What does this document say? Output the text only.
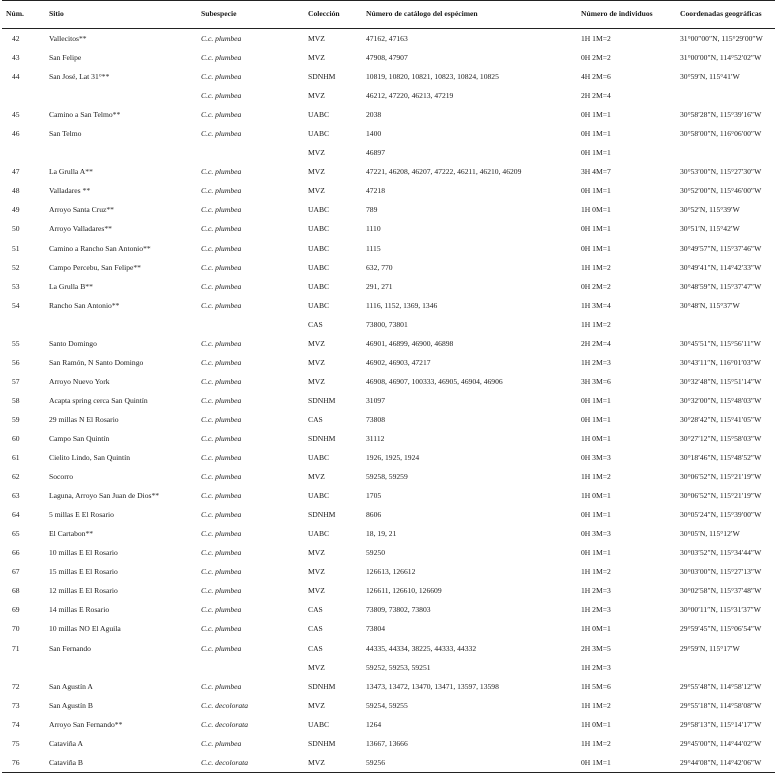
Núm.	Sitio	Subespecie	Colección	Número de catálogo del espécimen	Número de individuos	Coordenadas geográficas
42	Vallecitos**	C.c. plumbea	MVZ	47162, 47163	1H 1M=2	31°00″00″N, 115°29′00″W
43	San Felipe	C.c. plumbea	MVZ	47908, 47907	0H 2M=2	31°00′00″N, 114°52′02″W
44	San José, Lat 31°**	C.c. plumbea	SDNHM	10819, 10820, 10821, 10823, 10824, 10825	4H 2M=6	30°59′N, 115°41′W
		C.c. plumbea	MVZ	46212, 47220, 46213, 47219	2H 2M=4	
45	Camino a San Telmo**	C.c. plumbea	UABC	2038	0H 1M=1	30°58′28″N, 115°39′16″W
46	San Telmo	C.c. plumbea	UABC	1400	0H 1M=1	30°58′00″N, 116°06′00″W
			MVZ	46897	0H 1M=1	
47	La Grulla A**	C.c. plumbea	MVZ	47221, 46208, 46207, 47222, 46211, 46210, 46209	3H 4M=7	30°53′00″N, 115°27′30″W
48	Valladares **	C.c. plumbea	MVZ	47218	0H 1M=1	30°52′00″N, 115°46′00″W
49	Arroyo Santa Cruz**	C.c. plumbea	UABC	789	1H 0M=1	30°52′N, 115°39′W
50	Arroyo Valladares**	C.c. plumbea	UABC	1110	0H 1M=1	30°51′N, 115°42′W
51	Camino a Rancho San Antonio**	C.c. plumbea	UABC	1115	0H 1M=1	30°49′57″N, 115°37′46″W
52	Campo Percebu, San Felipe**	C.c. plumbea	UABC	632, 770	1H 1M=2	30°49′41″N, 114°42′33″W
53	La Grulla B**	C.c. plumbea	UABC	291, 271	0H 2M=2	30°48′59″N, 115°37′47″W
54	Rancho San Antonio**	C.c. plumbea	UABC	1116, 1152, 1369, 1346	1H 3M=4	30°48′N, 115°37′W
			CAS	73800, 73801	1H 1M=2	
55	Santo Domingo	C.c. plumbea	MVZ	46901, 46899, 46900, 46898	2H 2M=4	30°45′51″N, 115°56′11″W
56	San Ramón, N Santo Domingo	C.c. plumbea	MVZ	46902, 46903, 47217	1H 2M=3	30°43′11″N, 116°01′03″W
57	Arroyo Nuevo York	C.c. plumbea	MVZ	46908, 46907, 100333, 46905, 46904, 46906	3H 3M=6	30°32′48″N, 115°51′14″W
58	Acapta spring cerca San Quintín	C.c. plumbea	SDNHM	31097	0H 1M=1	30°32′00″N, 115°48′03″W
59	29 millas N El Rosario	C.c. plumbea	CAS	73808	0H 1M=1	30°28′42″N, 115°41′05″W
60	Campo San Quintín	C.c. plumbea	SDNHM	31112	1H 0M=1	30°27′12″N, 115°58′03″W
61	Cielito Lindo, San Quintín	C.c. plumbea	UABC	1926, 1925, 1924	0H 3M=3	30°18′46″N, 115°48′52″W
62	Socorro	C.c. plumbea	MVZ	59258, 59259	1H 1M=2	30°06′52″N, 115°21′19″W
63	Laguna, Arroyo San Juan de Dios**	C.c. plumbea	UABC	1705	1H 0M=1	30°06′52″N, 115°21′19″W
64	5 millas E El Rosario	C.c. plumbea	SDNHM	8606	0H 1M=1	30°05′24″N, 115°39′00″W
65	El Cartabon**	C.c. plumbea	UABC	18, 19, 21	0H 3M=3	30°05′N, 115°12′W
66	10 millas E El Rosario	C.c. plumbea	MVZ	59250	0H 1M=1	30°03′52″N, 115°34′44″W
67	15 millas E El Rosario	C.c. plumbea	MVZ	126613, 126612	1H 1M=2	30°03′00″N, 115°27′13″W
68	12 millas E El Rosario	C.c. plumbea	MVZ	126611, 126610, 126609	1H 2M=3	30°02′58″N, 115°37′48″W
69	14 millas E Rosario	C.c. plumbea	CAS	73809, 73802, 73803	1H 2M=3	30°00′11″N, 115°31′37″W
70	10 millas NO El Aguila	C.c. plumbea	CAS	73804	1H 0M=1	29°59′45″N, 115°06′54″W
71	San Fernando	C.c. plumbea	CAS	44335, 44334, 38225, 44333, 44332	2H 3M=5	29°59′N, 115°17′W
			MVZ	59252, 59253, 59251	1H 2M=3	
72	San Agustín A	C.c. plumbea	SDNHM	13473, 13472, 13470, 13471, 13597, 13598	1H 5M=6	29°55′48″N, 114°58′12″W
73	San Agustín B	C.c. decolorata	MVZ	59254, 59255	1H 1M=2	29°55′18″N, 114°58′08″W
74	Arroyo San Fernando**	C.c. decolorata	UABC	1264	1H 0M=1	29°58′13″N, 115°14′17″W
75	Cataviña A	C.c. plumbea	SDNHM	13667, 13666	1H 1M=2	29°45′00″N, 114°44′02″W
76	Cataviña B	C.c. decolorata	MVZ	59256	0H 1M=1	29°44′08″N, 114°42′06″W
